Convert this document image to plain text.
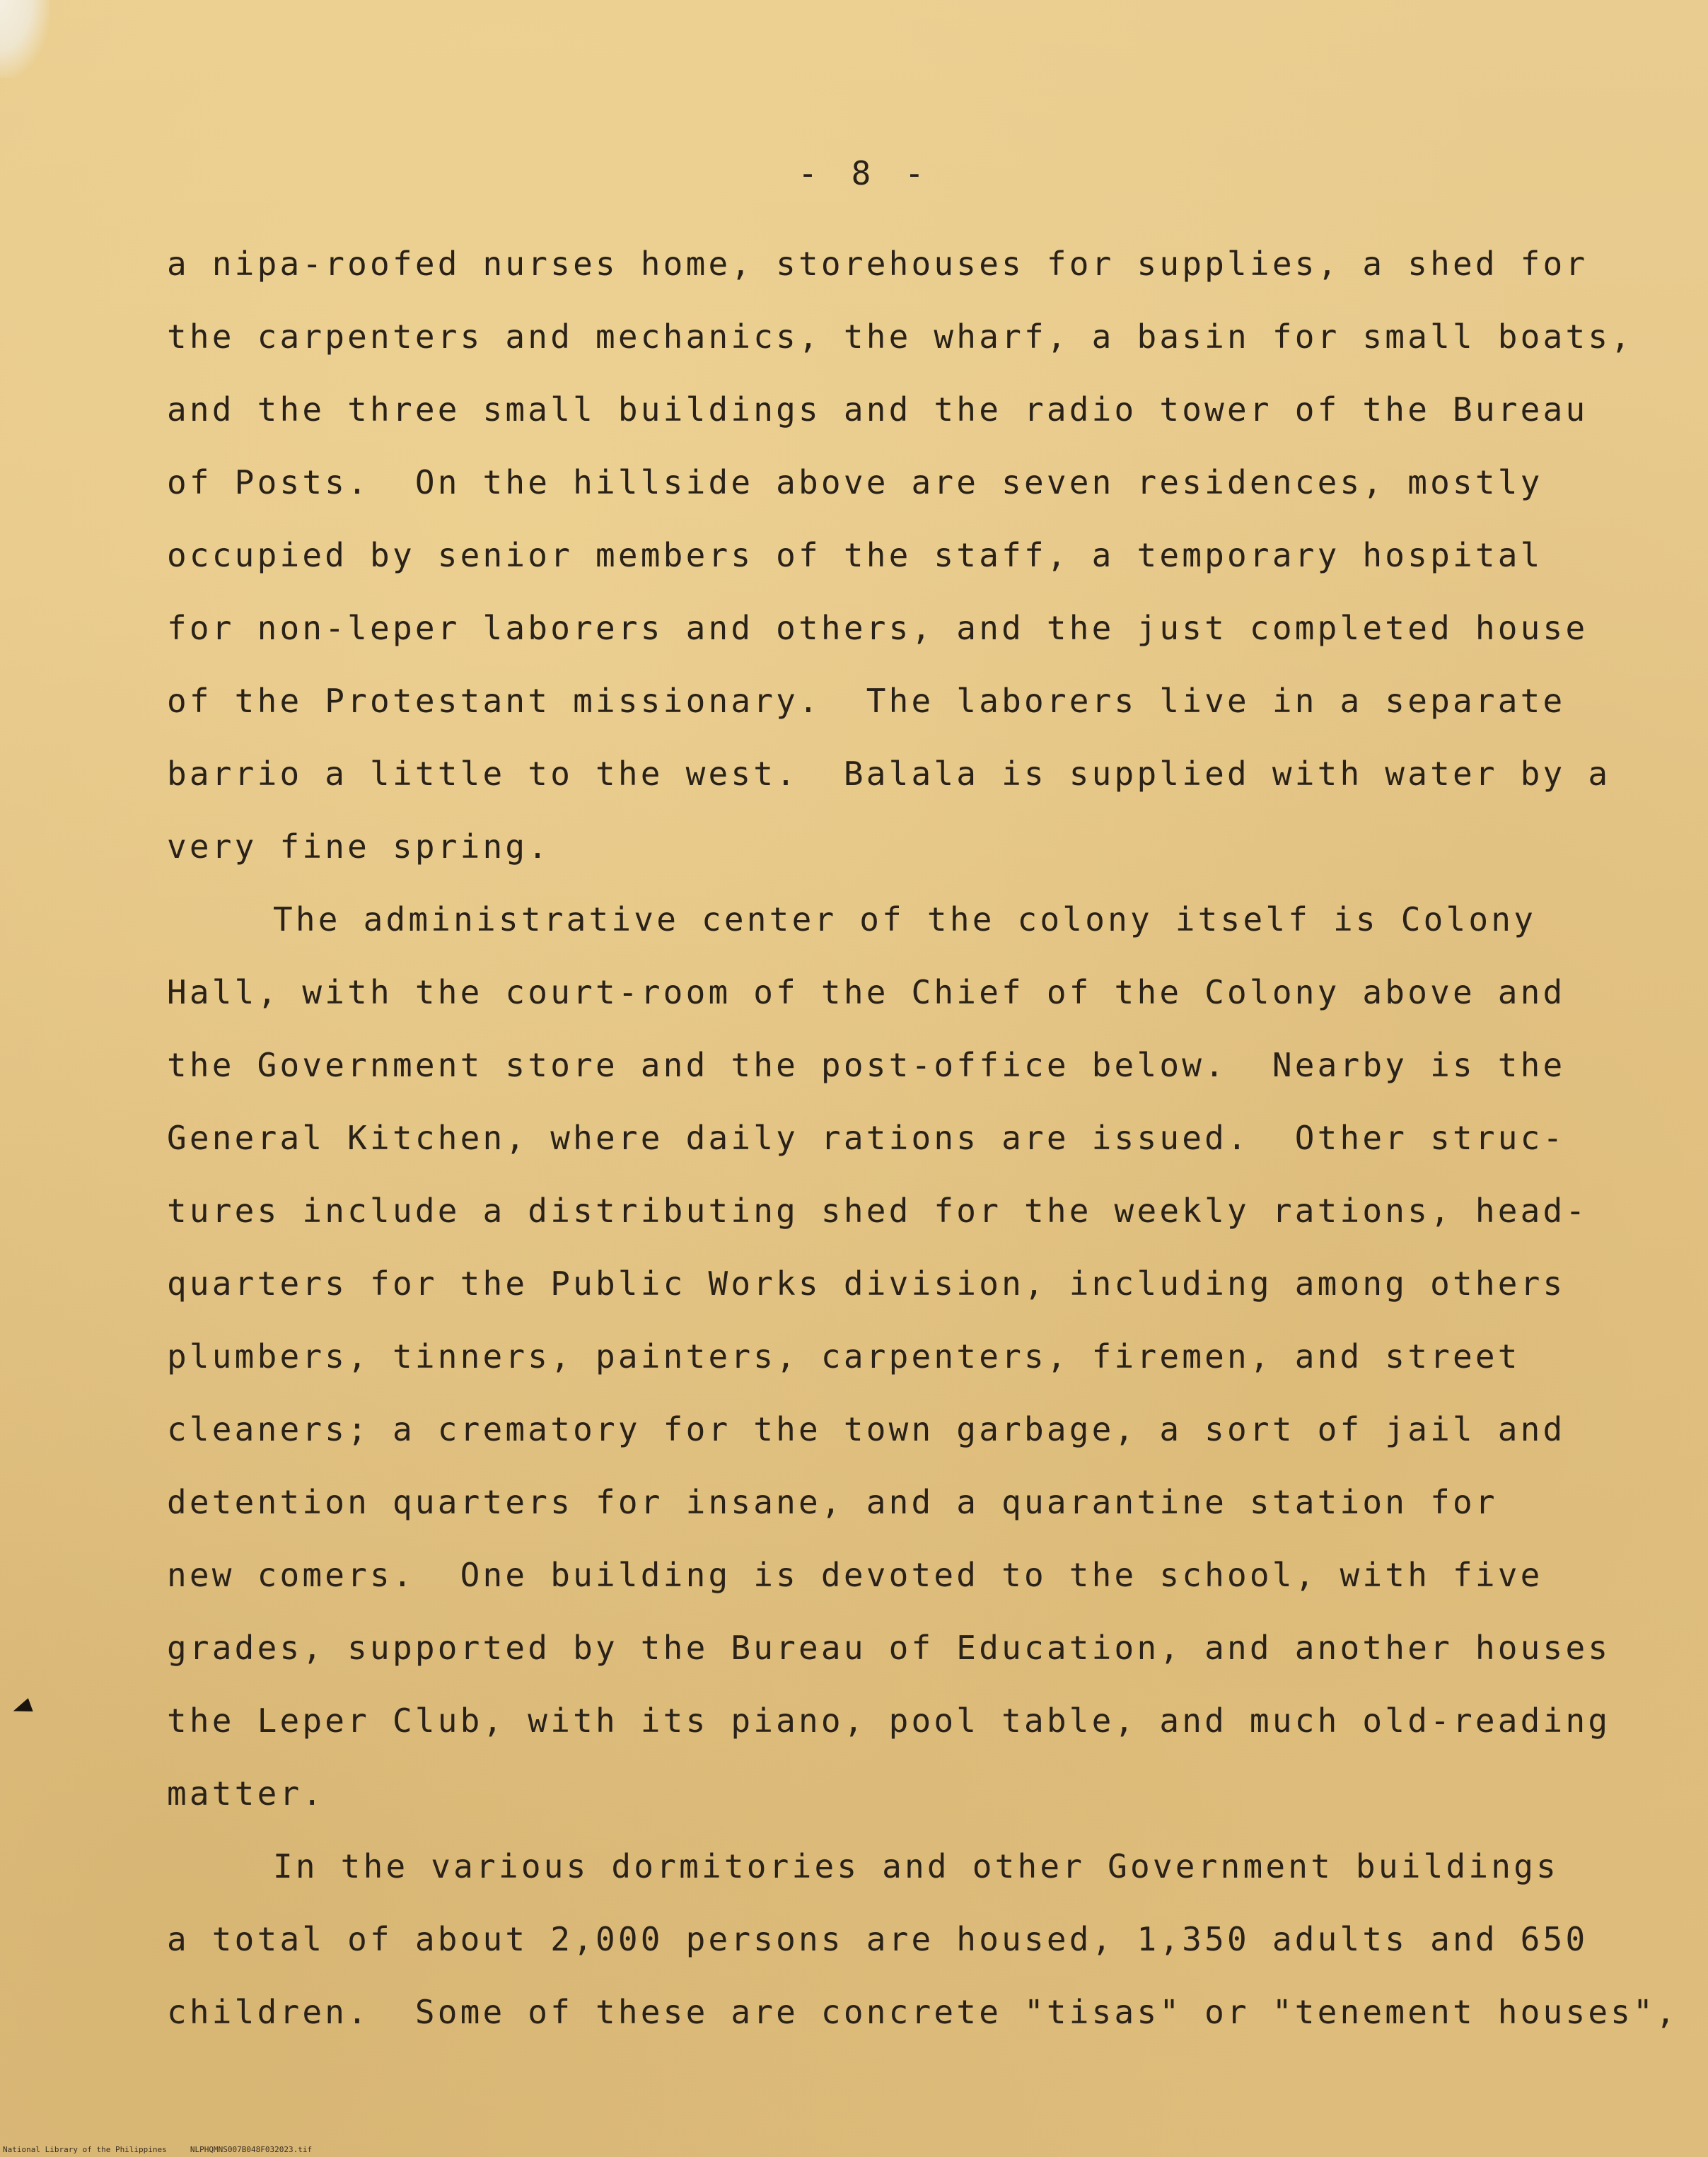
- 8 -
a nipa-roofed nurses home, storehouses for supplies, a shed for
the carpenters and mechanics, the wharf, a basin for small boats,
and the three small buildings and the radio tower of the Bureau
of Posts.  On the hillside above are seven residences, mostly
occupied by senior members of the staff, a temporary hospital
for non-leper laborers and others, and the just completed house
of the Protestant missionary.  The laborers live in a separate
barrio a little to the west.  Balala is supplied with water by a
very fine spring.
The administrative center of the colony itself is Colony
Hall, with the court-room of the Chief of the Colony above and
the Government store and the post-office below.  Nearby is the
General Kitchen, where daily rations are issued.  Other struc-
tures include a distributing shed for the weekly rations, head-
quarters for the Public Works division, including among others
plumbers, tinners, painters, carpenters, firemen, and street
cleaners; a crematory for the town garbage, a sort of jail and
detention quarters for insane, and a quarantine station for
new comers.  One building is devoted to the school, with five
grades, supported by the Bureau of Education, and another houses
the Leper Club, with its piano, pool table, and much old-reading
matter.
In the various dormitories and other Government buildings
a total of about 2,000 persons are housed, 1,350 adults and 650
children.  Some of these are concrete "tisas" or "tenement houses",
National Library of the Philippines	NLPHQMNS007B048F032023.tif
